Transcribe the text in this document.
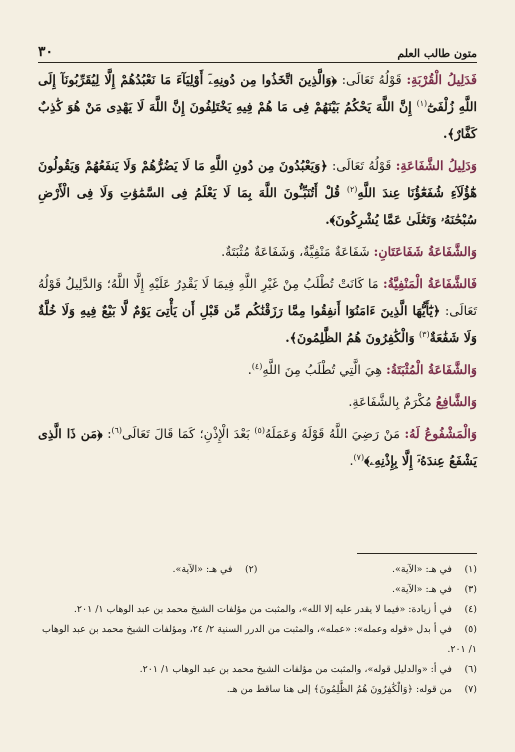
٣٠	متون طالب العلم

فَدَلِيلُ الْقُرْبَةِ: قَوْلُهُ تَعَالَى: ﴿وَالَّذِينَ اتَّخَذُوا مِن دُونِهِۦٓ أَوْلِيَآءَ مَا نَعْبُدُهُمْ إِلَّا لِيُقَرِّبُونَآ إِلَى اللَّهِ زُلْفَىٰٓ$^{(١)}$ إِنَّ اللَّهَ يَحْكُمُ بَيْنَهُمْ فِى مَا هُمْ فِيهِ يَخْتَلِفُونَ إِنَّ اللَّهَ لَا يَهْدِى مَنْ هُوَ كَٰذِبٌ كَفَّارٌ﴾.

وَدَلِيلُ الشَّفَاعَةِ: قَوْلُهُ تَعَالَى: ﴿وَيَعْبُدُونَ مِن دُونِ اللَّهِ مَا لَا يَضُرُّهُمْ وَلَا يَنفَعُهُمْ وَيَقُولُونَ هَٰٓؤُلَآءِ شُفَعَٰٓؤُنَا عِندَ اللَّهِ$^{(٢)}$ قُلْ أَتُنَبِّـُٔونَ اللَّهَ بِمَا لَا يَعْلَمُ فِى السَّمَٰوَٰتِ وَلَا فِى الْأَرْضِ سُبْحَٰنَهُۥ وَتَعَٰلَىٰ عَمَّا يُشْرِكُونَ﴾.

وَالشَّفَاعَةُ شَفَاعَتَانِ: شَفَاعَةٌ مَنْفِيَّةٌ، وَشَفَاعَةٌ مُثْبَتَةٌ.

فَالشَّفَاعَةُ الْمَنْفِيَّةُ: مَا كَانَتْ تُطْلَبُ مِنْ غَيْرِ اللَّهِ فِيمَا لَا يَقْدِرُ عَلَيْهِ إِلَّا اللَّهُ؛ وَالدَّلِيلُ قَوْلُهُ تَعَالَى: ﴿يَٰٓأَيُّهَا الَّذِينَ ءَامَنُوٓا أَنفِقُوا مِمَّا رَزَقْنَٰكُم مِّن قَبْلِ أَن يَأْتِىَ يَوْمٌ لَّا بَيْعٌ فِيهِ وَلَا خُلَّةٌ وَلَا شَفَٰعَةٌ$^{(٣)}$ وَالْكَٰفِرُونَ هُمُ الظَّٰلِمُونَ﴾.

وَالشَّفَاعَةُ الْمُثْبَتَةُ: هِيَ الَّتِي تُطْلَبُ مِنَ اللَّهِ$^{(٤)}$.

وَالشَّافِعُ مُكْرَمٌ بِالشَّفَاعَةِ.

وَالْمَشْفُوعُ لَهُ: مَنْ رَضِيَ اللَّهُ قَوْلَهُ وَعَمَلَهُ$^{(٥)}$ بَعْدَ الْإِذْنِ؛ كَمَا قَالَ تَعَالَى$^{(٦)}$: ﴿مَن ذَا الَّذِى يَشْفَعُ عِندَهُۥٓ إِلَّا بِإِذْنِهِۦ﴾$^{(٧)}$.

(١) في هـ: «الآية».
(٢) في هـ: «الآية».
(٣) في هـ: «الآية».
(٤) في أ زيادة: «فيما لا يقدر عليه إلا الله»، والمثبت من مؤلفات الشيخ محمد بن عبد الوهاب ١/ ٢٠١.
(٥) في أ بدل «قوله وعمله»: «عمله»، والمثبت من الدرر السنية ٢/ ٢٤، ومؤلفات الشيخ محمد بن عبد الوهاب ١/ ٢٠١.
(٦) في أ: «والدليل قوله»، والمثبت من مؤلفات الشيخ محمد بن عبد الوهاب ١/ ٢٠١.
(٧) من قوله: ﴿وَالْكَٰفِرُونَ هُمُ الظَّٰلِمُونَ﴾ إلى هنا ساقط من هـ.
